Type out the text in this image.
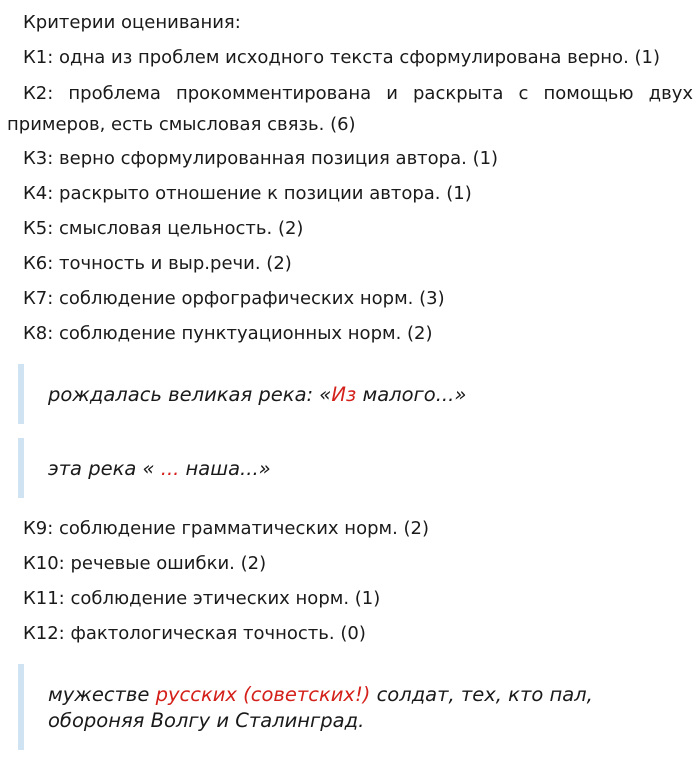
Критерии оценивания:
К1: одна из проблем исходного текста сформулирована верно. (1)
К2: проблема прокомментирована и раскрыта с помощью двух примеров, есть смысловая связь. (6)
К3: верно сформулированная позиция автора. (1)
К4: раскрыто отношение к позиции автора. (1)
К5: смысловая цельность. (2)
К6: точность и выр.речи. (2)
К7: соблюдение орфографических норм. (3)
К8: соблюдение пунктуационных норм. (2)
рождалась великая река: «Из малого...»
эта река « ... наша...»
К9: соблюдение грамматических норм. (2)
К10: речевые ошибки. (2)
К11: соблюдение этических норм. (1)
К12: фактологическая точность. (0)
мужестве русских (советских!) солдат, тех, кто пал,
обороняя Волгу и Сталинград.
